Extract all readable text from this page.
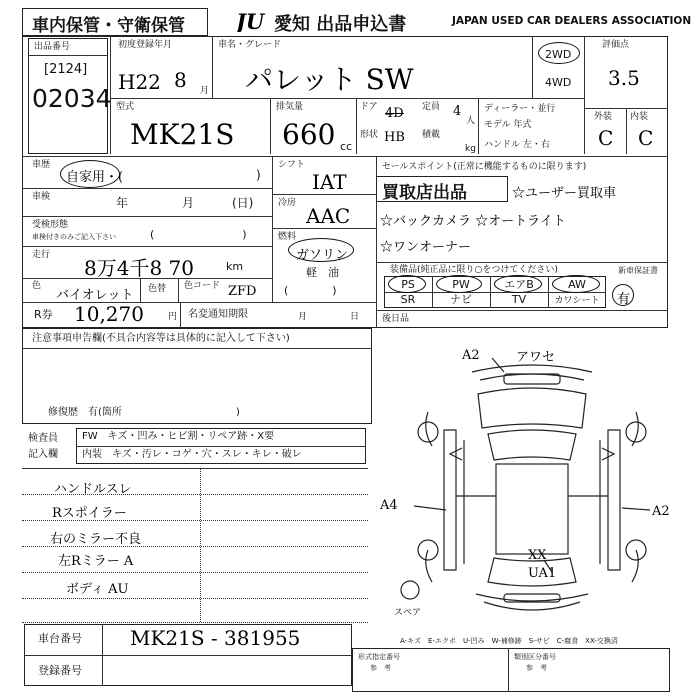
車内保管・守衛保管 JU 愛知 出品申込書	JAPAN USED CAR DEALERS ASSOCIATION
出品番号
[2124]
02034
初度登録年月
H22 8 月
車名・グレード
パレット SW
2WD
4WD
評価点
3.5
型式
MK21S
排気量
660 cc
ドア 4D 定員 4
人
形状 HB 積載
kg
ディーラー・並行
モデル 年式
ハンドル 左・右
外装 内装
C C
車歴
自家用・(	)
車検	年	月	(日)
受検形態
車検付きのみご記入下さい	(　　　　　　　　)
走行
8万4千8 70	km
色
バイオレット 色替 色コード ZFD
シフト
IAT
冷房
AAC
燃料
ガソリン
軽　油
(　　　　)
セールスポイント(正常に機能するものに限ります)
買取店出品	☆ユーザー買取車
☆バックカメラ ☆オートライト
☆ワンオーナー
装備品(純正品に限り○をつけてください)
PS	PW	エアB	AW
SR	ナビ	TV	カワシート
新車保証書
有
R券 10,270	円 名変通知期限	月	日	後日品
注意事項申告欄(不具合内容等は具体的に記入して下さい)
修復歴　有(箇所	)
検査員
記入欄
FW　キズ・凹み・ヒビ割・リペア跡・X要
内装　キズ・汚レ・コゲ・穴・スレ・キレ・破レ
ハンドルスレ
Rスポイラー
右のミラー不良
左Rミラー A
ボディ AU
A2	アワセ
A4	A2
XX
UA1
スペア
A-キズ　E-エクボ　U-凹み　W-補修跡　S-サビ　C-腐食　XX-交換済
車台番号 MK21S - 381955
登録番号
形式指定番号
参　考
類別区分番号
参　考
